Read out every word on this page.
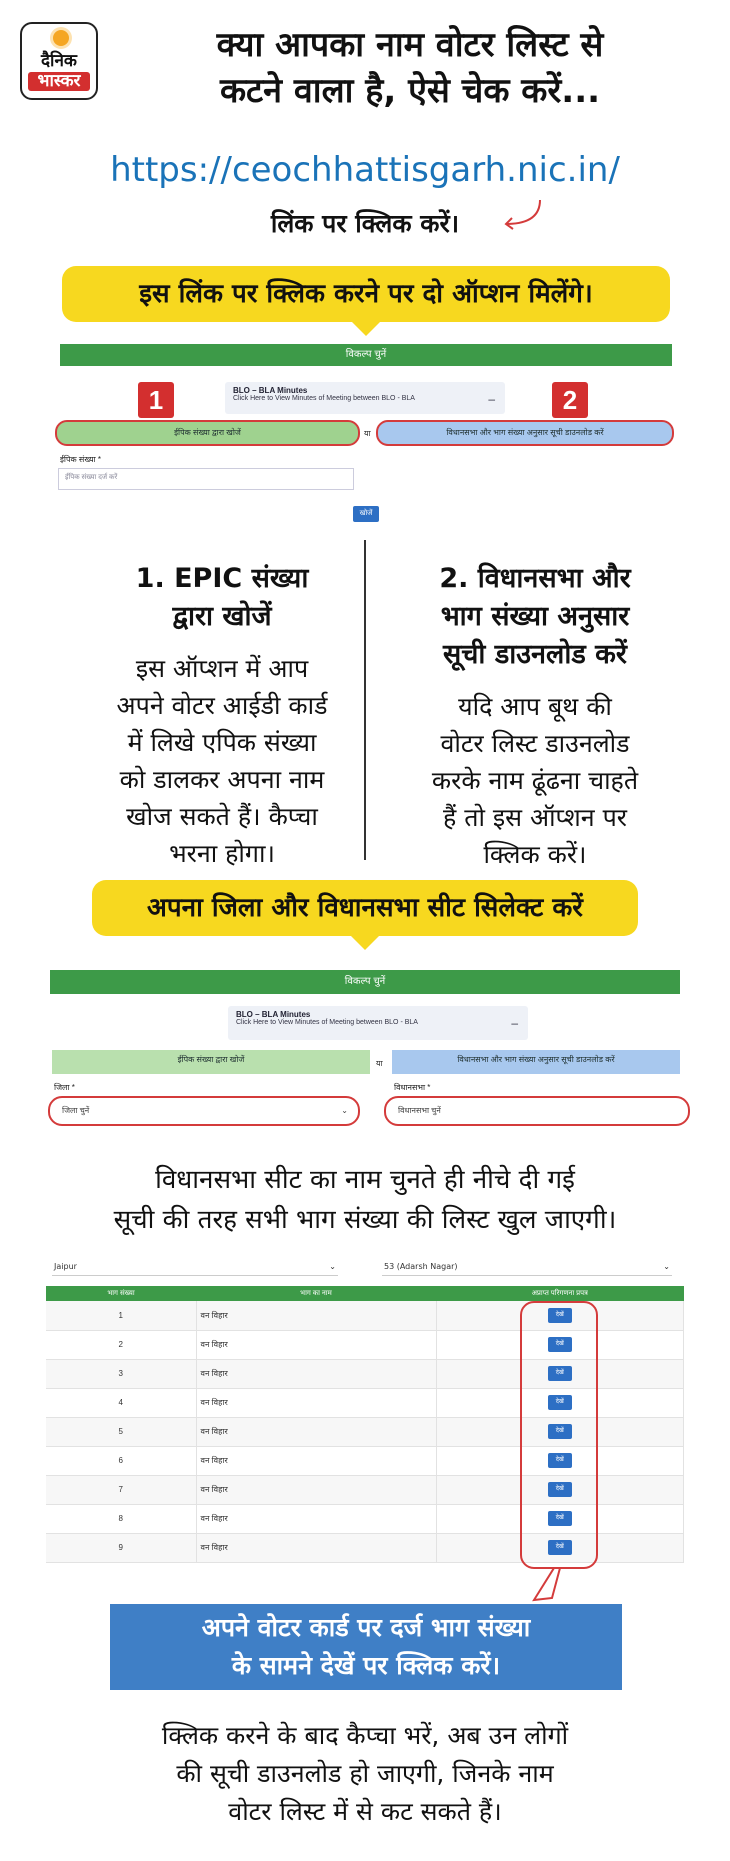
दैनिक
भास्कर
क्या आपका नाम वोटर लिस्ट से
कटने वाला है, ऐसे चेक करें...
https://ceochhattisgarh.nic.in/
लिंक पर क्लिक करें।
इस लिंक पर क्लिक करने पर दो ऑप्शन मिलेंगे।
विकल्प चुनें
BLO – BLA Minutes
Click Here to View Minutes of Meeting between BLO - BLA	–
1	2
ईपिक संख्या द्वारा खोजें	या	विधानसभा और भाग संख्या अनुसार सूची डाउनलोड करें
ईपिक संख्या *
ईपिक संख्या दर्ज करें
खोजें
1. EPIC संख्या
द्वारा खोजें

इस ऑप्शन में आप
अपने वोटर आईडी कार्ड
में लिखे एपिक संख्या
को डालकर अपना नाम
खोज सकते हैं। कैप्चा
भरना होगा।

2. विधानसभा और
भाग संख्या अनुसार
सूची डाउनलोड करें

यदि आप बूथ की
वोटर लिस्ट डाउनलोड
करके नाम ढूंढना चाहते
हैं तो इस ऑप्शन पर
क्लिक करें।

अपना जिला और विधानसभा सीट सिलेक्ट करें
विकल्प चुनें
BLO – BLA Minutes
Click Here to View Minutes of Meeting between BLO - BLA	–
ईपिक संख्या द्वारा खोजें	या	विधानसभा और भाग संख्या अनुसार सूची डाउनलोड करें
जिला *	विधानसभा *
जिला चुनें	⌄	विधानसभा चुनें
विधानसभा सीट का नाम चुनते ही नीचे दी गई
सूची की तरह सभी भाग संख्या की लिस्ट खुल जाएगी।
Jaipur	⌄	53 (Adarsh Nagar)	⌄
भाग संख्या	भाग का नाम	अप्राप्त परिगणना प्रपत्र
1	वन विहार	देखें
2	वन विहार	देखें
3	वन विहार	देखें
4	वन विहार	देखें
5	वन विहार	देखें
6	वन विहार	देखें
7	वन विहार	देखें
8	वन विहार	देखें
9	वन विहार	देखें
अपने वोटर कार्ड पर दर्ज भाग संख्या
के सामने देखें पर क्लिक करें।
क्लिक करने के बाद कैप्चा भरें, अब उन लोगों
की सूची डाउनलोड हो जाएगी, जिनके नाम
वोटर लिस्ट में से कट सकते हैं।
